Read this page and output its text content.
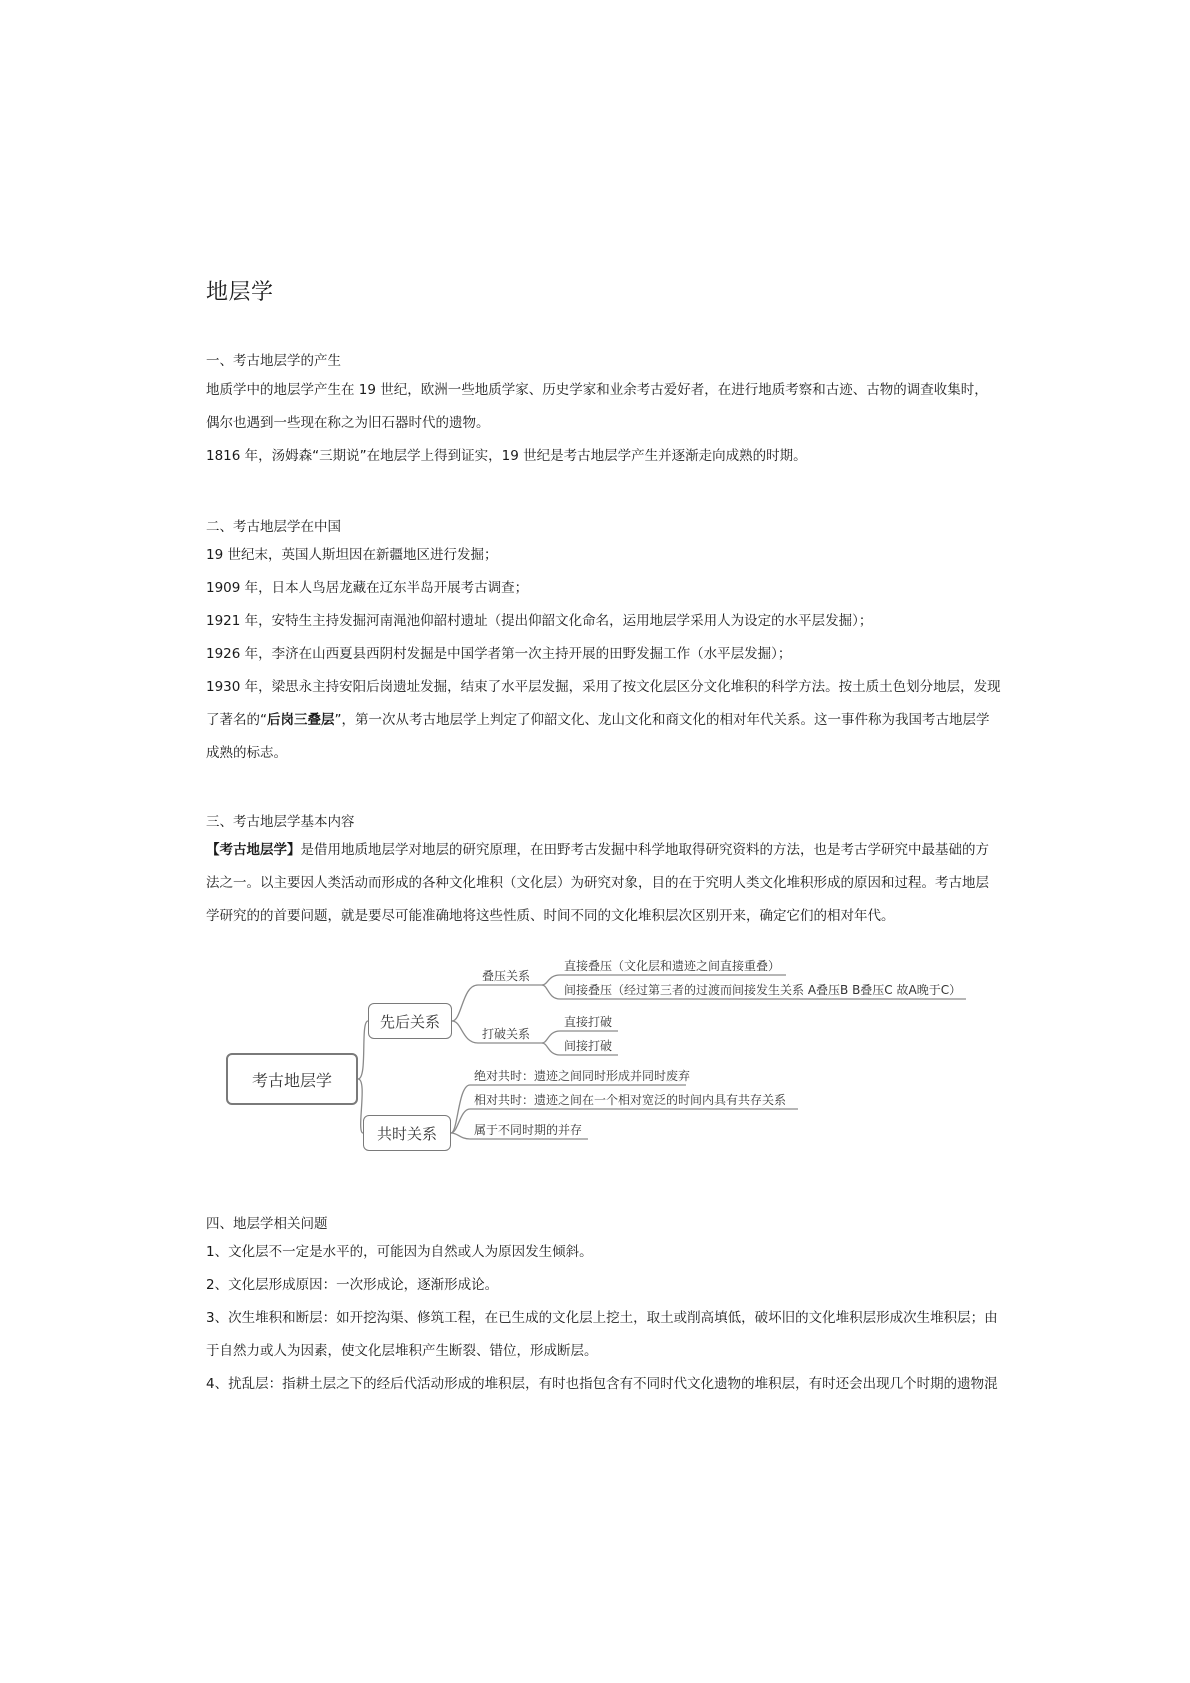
地层学
一、考古地层学的产生
地质学中的地层学产生在 19 世纪，欧洲一些地质学家、历史学家和业余考古爱好者，在进行地质考察和古迹、古物的调查收集时，
偶尔也遇到一些现在称之为旧石器时代的遗物。
1816 年，汤姆森“三期说”在地层学上得到证实，19 世纪是考古地层学产生并逐渐走向成熟的时期。
二、考古地层学在中国
19 世纪末，英国人斯坦因在新疆地区进行发掘；
1909 年，日本人鸟居龙藏在辽东半岛开展考古调查；
1921 年，安特生主持发掘河南渑池仰韶村遗址（提出仰韶文化命名，运用地层学采用人为设定的水平层发掘）；
1926 年，李济在山西夏县西阴村发掘是中国学者第一次主持开展的田野发掘工作（水平层发掘）；
1930 年，梁思永主持安阳后岗遗址发掘，结束了水平层发掘，采用了按文化层区分文化堆积的科学方法。按土质土色划分地层，发现
了著名的“后岗三叠层”，第一次从考古地层学上判定了仰韶文化、龙山文化和商文化的相对年代关系。这一事件称为我国考古地层学
成熟的标志。
三、考古地层学基本内容
【考古地层学】是借用地质地层学对地层的研究原理，在田野考古发掘中科学地取得研究资料的方法，也是考古学研究中最基础的方
法之一。以主要因人类活动而形成的各种文化堆积（文化层）为研究对象，目的在于究明人类文化堆积形成的原因和过程。考古地层
学研究的的首要问题，就是要尽可能准确地将这些性质、时间不同的文化堆积层次区别开来，确定它们的相对年代。
考古地层学
先后关系
共时关系
叠压关系
打破关系
直接叠压（文化层和遗迹之间直接重叠）
间接叠压（经过第三者的过渡而间接发生关系 A叠压B B叠压C 故A晚于C）
直接打破
间接打破
绝对共时：遗迹之间同时形成并同时废弃
相对共时：遗迹之间在一个相对宽泛的时间内具有共存关系
属于不同时期的并存
四、地层学相关问题
1、文化层不一定是水平的，可能因为自然或人为原因发生倾斜。
2、文化层形成原因：一次形成论，逐渐形成论。
3、次生堆积和断层：如开挖沟渠、修筑工程，在已生成的文化层上挖土，取土或削高填低，破坏旧的文化堆积层形成次生堆积层；由
于自然力或人为因素，使文化层堆积产生断裂、错位，形成断层。
4、扰乱层：指耕土层之下的经后代活动形成的堆积层，有时也指包含有不同时代文化遗物的堆积层，有时还会出现几个时期的遗物混
